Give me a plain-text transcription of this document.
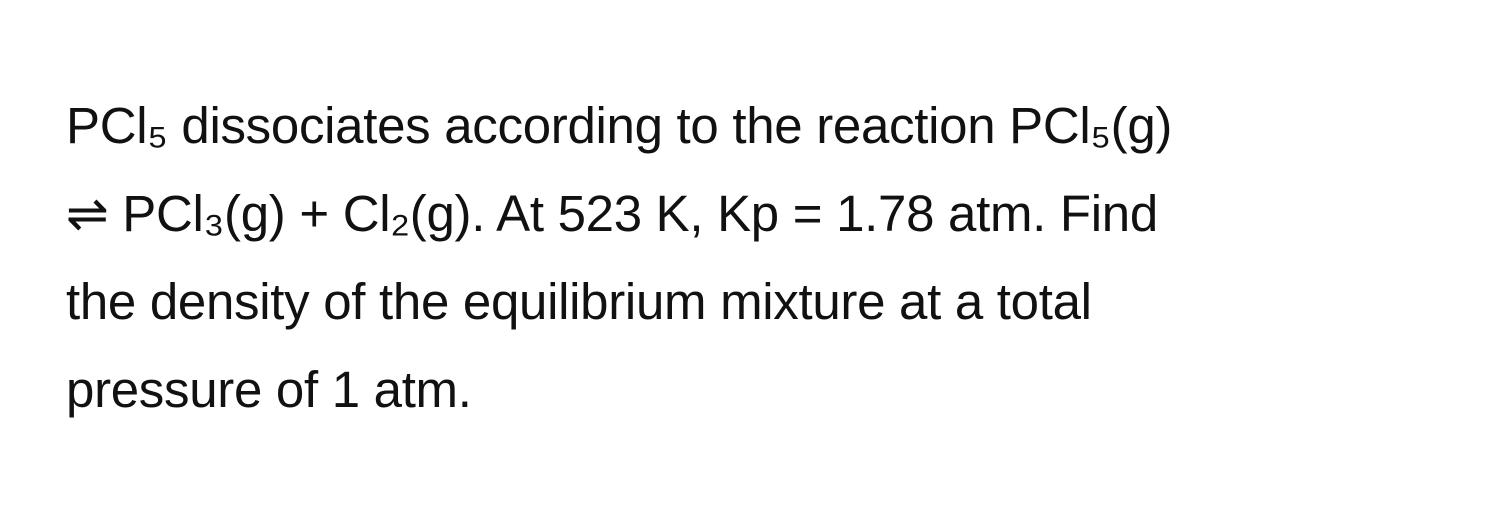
PCl₅ dissociates according to the reaction PCl₅(g)
⇌ PCl₃(g) + Cl₂(g). At 523 K, Kp = 1.78 atm. Find
the density of the equilibrium mixture at a total
pressure of 1 atm.
